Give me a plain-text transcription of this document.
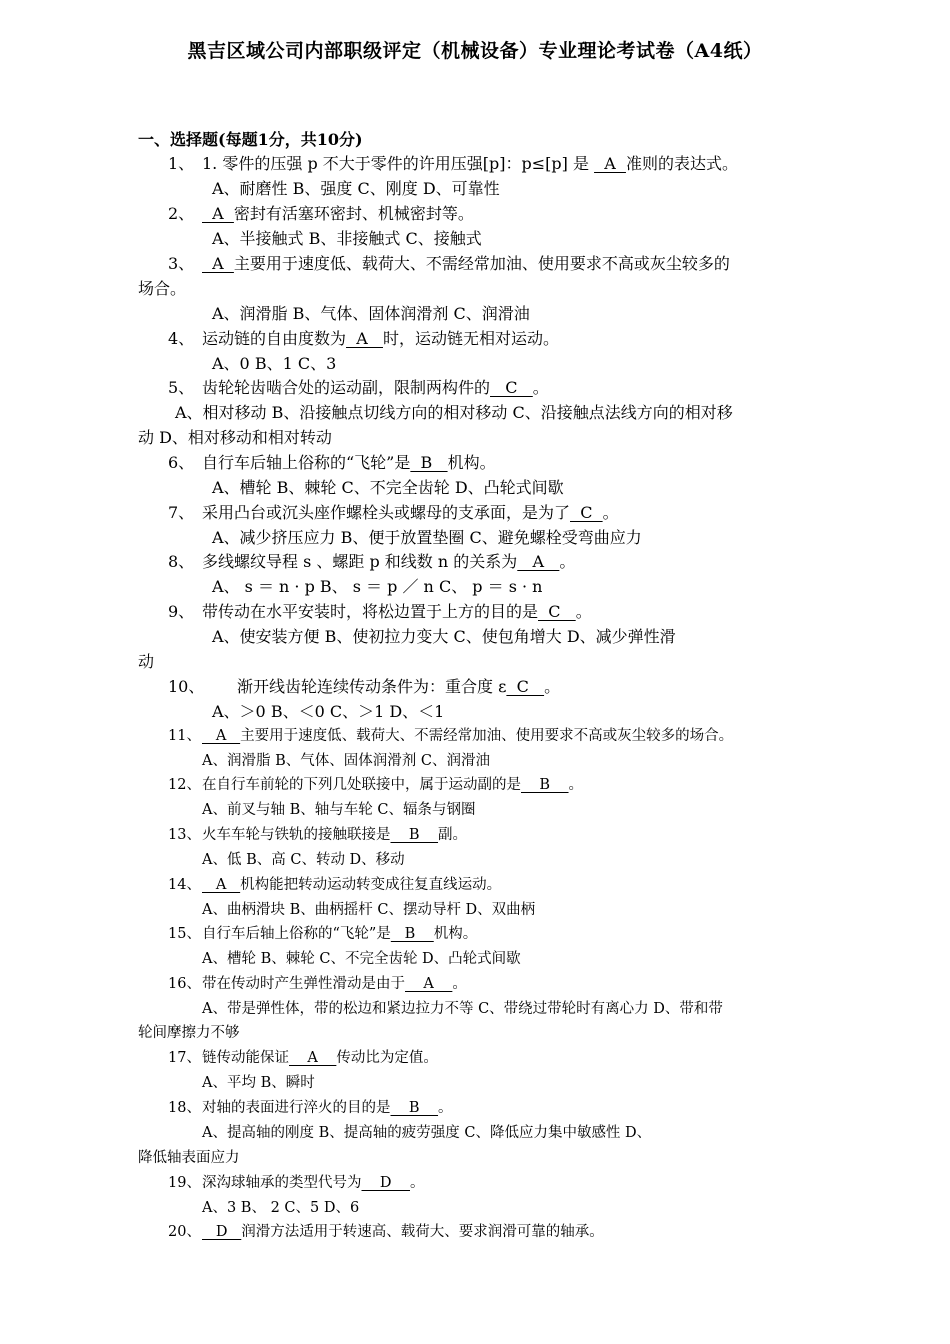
黑吉区域公司内部职级评定（机械设备）专业理论考试卷（A4纸）
一、选择题(每题1分，共10分)
1、 1. 零件的压强 p 不大于零件的许用压强[p]：p≤[p] 是   A  准则的表达式。
A、耐磨性 B、强度 C、刚度 D、可靠性
2、 A  密封有活塞环密封、机械密封等。
A、半接触式 B、非接触式 C、接触式
3、 A  主要用于速度低、载荷大、不需经常加油、使用要求不高或灰尘较多的
场合。
A、润滑脂 B、气体、固体润滑剂 C、润滑油
4、 运动链的自由度数为  A   时，运动链无相对运动。
A、0 B、1 C、3
5、 齿轮轮齿啮合处的运动副，限制两构件的   C   。
A、相对移动 B、沿接触点切线方向的相对移动 C、沿接触点法线方向的相对移
动 D、相对移动和相对转动
6、 自行车后轴上俗称的“飞轮”是  B   机构。
A、槽轮 B、棘轮 C、不完全齿轮 D、凸轮式间歇
7、 采用凸台或沉头座作螺栓头或螺母的支承面，是为了  C  。
A、减少挤压应力 B、便于放置垫圈 C、避免螺栓受弯曲应力
8、 多线螺纹导程 s 、螺距 p 和线数 n 的关系为   A   。
A、 s ＝ n · p B、 s ＝ p ／ n C、 p ＝ s · n
9、 带传动在水平安装时，将松边置于上方的目的是  C   。
A、使安装方便 B、使初拉力变大 C、使包角增大 D、减少弹性滑
动
10、 渐开线齿轮连续传动条件为：重合度 ε  C   。
A、＞0 B、＜0 C、＞1 D、＜1
11、 A   主要用于速度低、载荷大、不需经常加油、使用要求不高或灰尘较多的场合。
A、润滑脂 B、气体、固体润滑剂 C、润滑油
12、 在自行车前轮的下列几处联接中，属于运动副的是    B    。
A、前叉与轴 B、轴与车轮 C、辐条与钢圈
13、 火车车轮与铁轨的接触联接是    B    副。
A、低 B、高 C、转动 D、移动
14、 A   机构能把转动运动转变成往复直线运动。
A、曲柄滑块 B、曲柄摇杆 C、摆动导杆 D、双曲柄
15、 自行车后轴上俗称的“飞轮”是   B    机构。
A、槽轮 B、棘轮 C、不完全齿轮 D、凸轮式间歇
16、 带在传动时产生弹性滑动是由于    A    。
A、带是弹性体，带的松边和紧边拉力不等 C、带绕过带轮时有离心力 D、带和带
轮间摩擦力不够
17、 链传动能保证    A    传动比为定值。
A、平均 B、瞬时
18、 对轴的表面进行淬火的目的是    B    。
A、提高轴的刚度 B、提高轴的疲劳强度 C、降低应力集中敏感性 D、
降低轴表面应力
19、 深沟球轴承的类型代号为    D    。
A、3 B、 2 C、5 D、6
20、 D   润滑方法适用于转速高、载荷大、要求润滑可靠的轴承。
